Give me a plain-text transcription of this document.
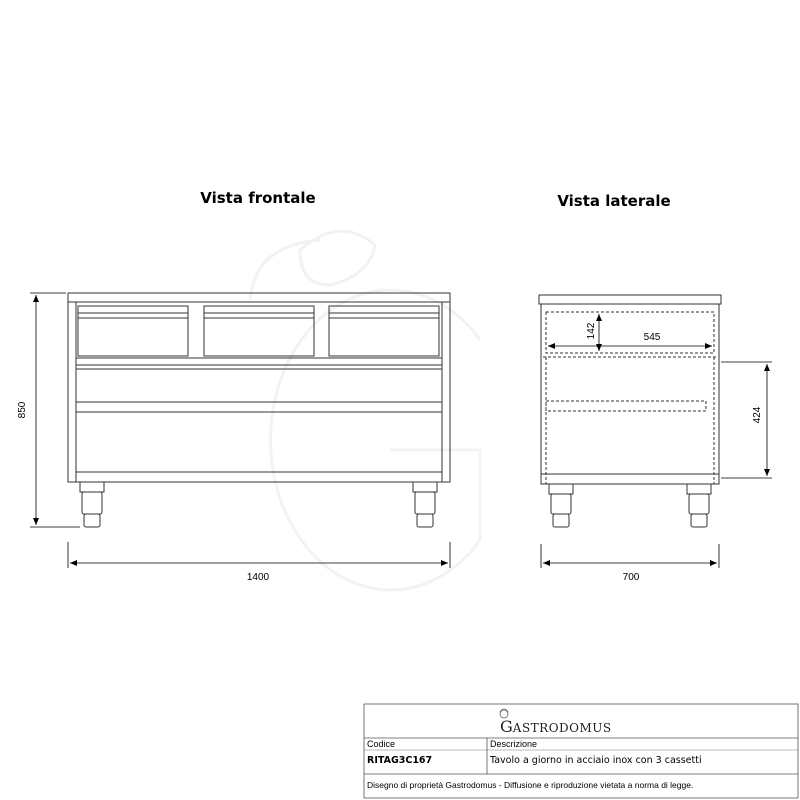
Vista frontale	Vista laterale
850
1400
142	545
424
700
GASTRODOMUS
Codice
RITAG3C167
Descrizione
Tavolo a giorno in acciaio inox con 3 cassetti
Disegno di proprietà Gastrodomus - Diffusione e riproduzione vietata a norma di legge.
